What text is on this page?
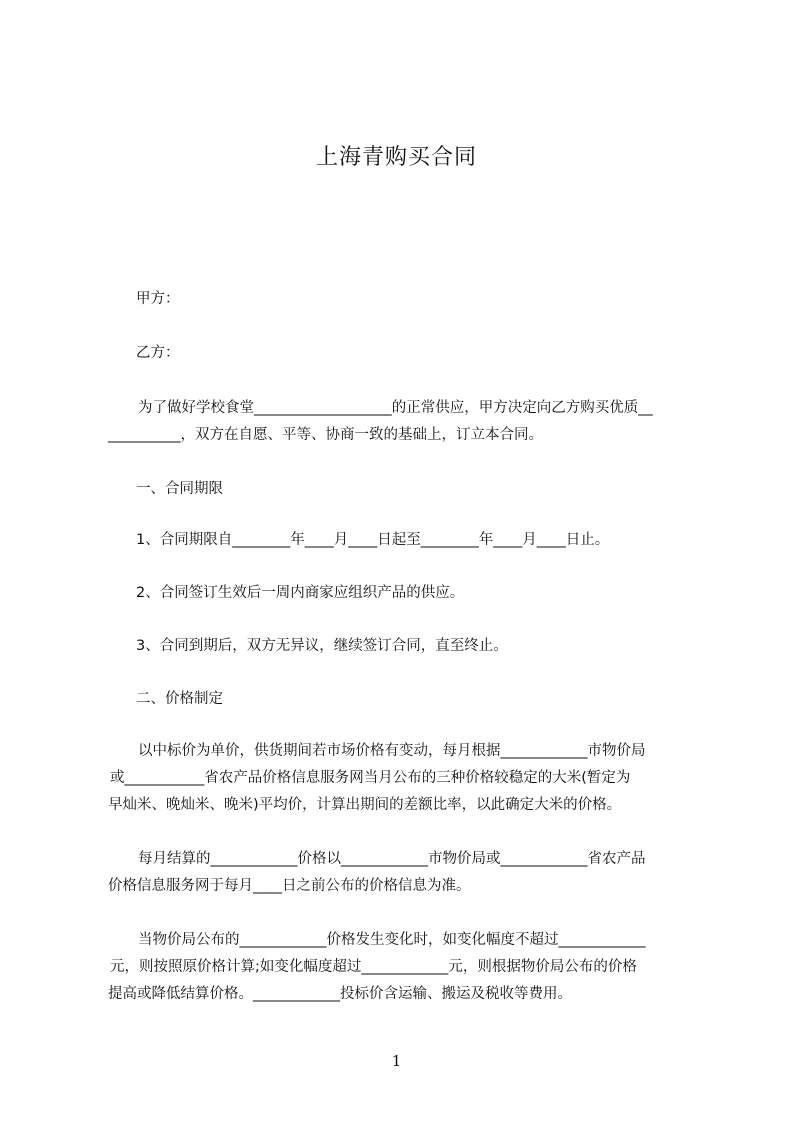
上海青购买合同

甲方：

乙方：

为了做好学校食堂___________________的正常供应，甲方决定向乙方购买优质__
__________，双方在自愿、平等、协商一致的基础上，订立本合同。

一、合同期限

1、合同期限自________年____月____日起至________年____月____日止。

2、合同签订生效后一周内商家应组织产品的供应。

3、合同到期后，双方无异议，继续签订合同，直至终止。

二、价格制定

以中标价为单价，供货期间若市场价格有变动，每月根据____________市物价局
或___________省农产品价格信息服务网当月公布的三种价格较稳定的大米(暂定为
早灿米、晚灿米、晚米)平均价，计算出期间的差额比率，以此确定大米的价格。
每月结算的____________价格以____________市物价局或____________省农产品
价格信息服务网于每月____日之前公布的价格信息为准。
当物价局公布的____________价格发生变化时，如变化幅度不超过____________
元，则按照原价格计算;如变化幅度超过____________元，则根据物价局公布的价格
提高或降低结算价格。____________投标价含运输、搬运及税收等费用。
1
